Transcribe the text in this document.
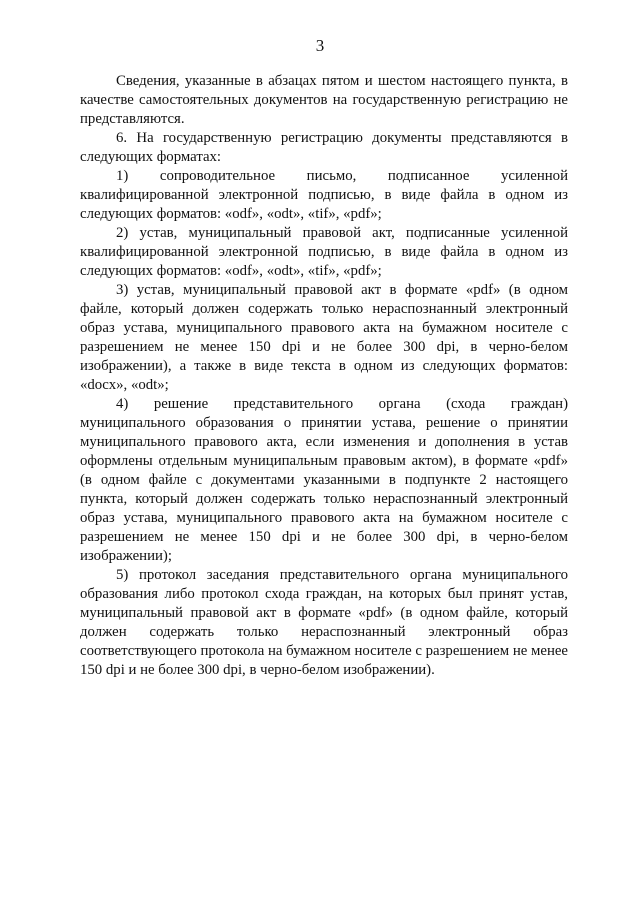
3

Сведения, указанные в абзацах пятом и шестом настоящего пункта, в качестве самостоятельных документов на государственную регистрацию не представляются.

6. На государственную регистрацию документы представляются в следующих форматах:

1) сопроводительное письмо, подписанное усиленной квалифицированной электронной подписью, в виде файла в одном из следующих форматов: «odf», «odt», «tif», «pdf»;

2) устав, муниципальный правовой акт, подписанные усиленной квалифицированной электронной подписью, в виде файла в одном из следующих форматов: «odf», «odt», «tif», «pdf»;

3) устав, муниципальный правовой акт в формате «pdf» (в одном файле, который должен содержать только нераспознанный электронный образ устава, муниципального правового акта на бумажном носителе с разрешением не менее 150 dpi и не более 300 dpi, в черно-белом изображении), а также в виде текста в одном из следующих форматов: «docx», «odt»;

4) решение представительного органа (схода граждан) муниципального образования о принятии устава, решение о принятии муниципального правового акта, если изменения и дополнения в устав оформлены отдельным муниципальным правовым актом), в формате «pdf» (в одном файле с документами указанными в подпункте 2 настоящего пункта, который должен содержать только нераспознанный электронный образ устава, муниципального правового акта на бумажном носителе с разрешением не менее 150 dpi и не более 300 dpi, в черно-белом изображении);

5) протокол заседания представительного органа муниципального образования либо протокол схода граждан, на которых был принят устав, муниципальный правовой акт в формате «pdf» (в одном файле, который должен содержать только нераспознанный электронный образ соответствующего протокола на бумажном носителе с разрешением не менее 150 dpi и не более 300 dpi, в черно-белом изображении).
